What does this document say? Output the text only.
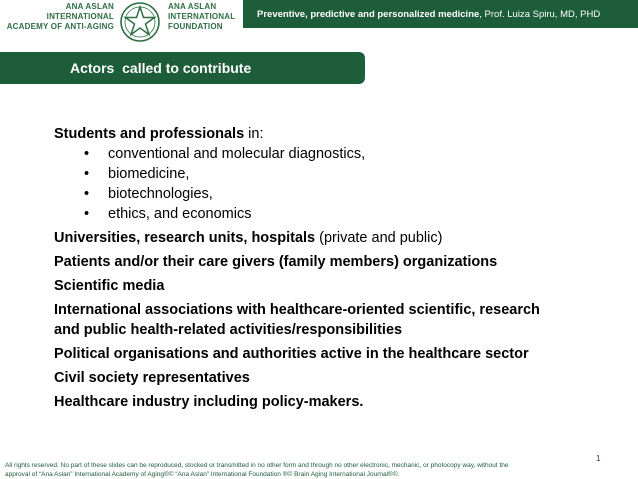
ANA ASLAN
INTERNATIONAL
ACADEMY OF ANTI-AGING
ANA ASLAN
INTERNATIONAL
FOUNDATION
Preventive, predictive and personalized medicine , Prof. Luiza Spiru, MD, PHD
Actors  called to contribute
Students and professionals in:
• conventional and molecular diagnostics,
• biomedicine,
• biotechnologies,
• ethics, and economics
Universities, research units, hospitals (private and public)
Patients and/or their care givers (family members) organizations
Scientific media
International associations with healthcare-oriented scientific, research
and public health-related activities/responsibilities
Political organisations and authorities active in the healthcare sector
Civil society representatives
Healthcare industry including policy-makers.
1
All rights reserved. No part of these slides can be reproduced, stocked or transmitted in no other form and through no other electronic, mechanic, or photocopy way, without the
approval of “Ana Aslan” International Academy of Aging®© “Ana Aslan” International Foundation ®© Brain Aging International Journal®©.
